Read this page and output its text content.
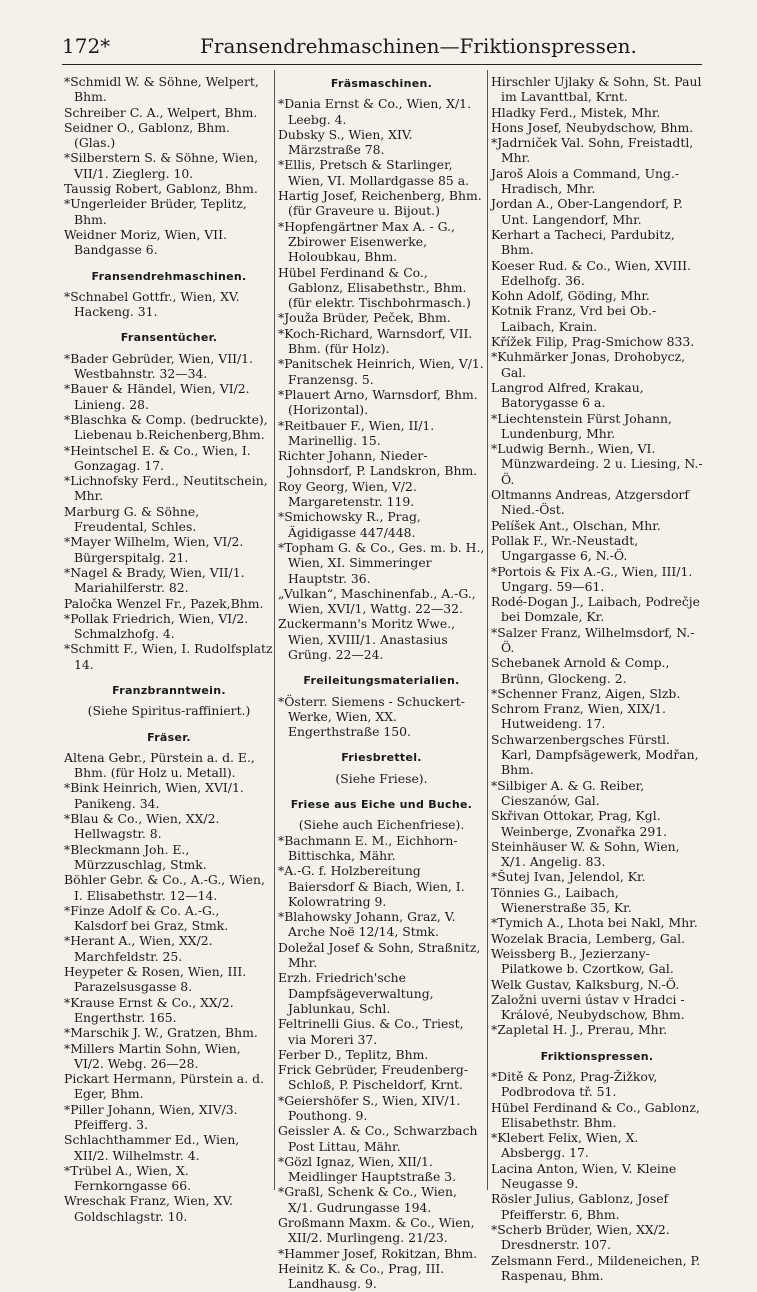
172*	Fransendrehmaschinen—Friktionspressen.
*Schmidl W. & Söhne, Welpert, Bhm.
Schreiber C. A., Welpert, Bhm.
Seidner O., Gablonz, Bhm. (Glas.)
*Silberstern S. & Söhne, Wien, VII/1. Zieglerg. 10.
Taussig Robert, Gablonz, Bhm.
*Ungerleider Brüder, Teplitz, Bhm.
Weidner Moriz, Wien, VII. Bandgasse 6.
Fransendrehmaschinen.
*Schnabel Gottfr., Wien, XV. Hackeng. 31.
Fransentücher.
*Bader Gebrüder, Wien, VII/1. Westbahnstr. 32—34.
*Bauer & Händel, Wien, VI/2. Linieng. 28.
*Blaschka & Comp. (bedruckte), Liebenau b.Reichenberg,Bhm.
*Heintschel E. & Co., Wien, I. Gonzagag. 17.
*Lichnofsky Ferd., Neutitschein, Mhr.
Marburg G. & Söhne, Freudental, Schles.
*Mayer Wilhelm, Wien, VI/2. Bürgerspitalg. 21.
*Nagel & Brady, Wien, VII/1. Mariahilferstr. 82.
Paločka Wenzel Fr., Pazek,Bhm.
*Pollak Friedrich, Wien, VI/2. Schmalzhofg. 4.
*Schmitt F., Wien, I. Rudolfsplatz 14.
Franzbranntwein.
(Siehe Spiritus-raffiniert.)
Fräser.
Altena Gebr., Pürstein a. d. E., Bhm. (für Holz u. Metall).
*Bink Heinrich, Wien, XVI/1. Panikeng. 34.
*Blau & Co., Wien, XX/2. Hellwagstr. 8.
*Bleckmann Joh. E., Mürzzuschlag, Stmk.
Böhler Gebr. & Co., A.-G., Wien, I. Elisabethstr. 12—14.
*Finze Adolf & Co. A.-G., Kalsdorf bei Graz, Stmk.
*Herant A., Wien, XX/2. Marchfeldstr. 25.
Heypeter & Rosen, Wien, III. Parazelsusgasse 8.
*Krause Ernst & Co., XX/2. Engerthstr. 165.
*Marschik J. W., Gratzen, Bhm.
*Millers Martin Sohn, Wien, VI/2. Webg. 26—28.
Pickart Hermann, Pürstein a. d. Eger, Bhm.
*Piller Johann, Wien, XIV/3. Pfeifferg. 3.
Schlachthammer Ed., Wien, XII/2. Wilhelmstr. 4.
*Trübel A., Wien, X. Fernkorngasse 66.
Wreschak Franz, Wien, XV. Goldschlagstr. 10.
Fräsmaschinen.
*Dania Ernst & Co., Wien, X/1. Leebg. 4.
Dubsky S., Wien, XIV. Märzstraße 78.
*Ellis, Pretsch & Starlinger, Wien, VI. Mollardgasse 85 a.
Hartig Josef, Reichenberg, Bhm. (für Graveure u. Bijout.)
*Hopfengärtner Max A. - G., Zbirower Eisenwerke, Holoubkau, Bhm.
Hübel Ferdinand & Co., Gablonz, Elisabethstr., Bhm. (für elektr. Tischbohrmasch.)
*Jouža Brüder, Peček, Bhm.
*Koch-Richard, Warnsdorf, VII. Bhm. (für Holz).
*Panitschek Heinrich, Wien, V/1. Franzensg. 5.
*Plauert Arno, Warnsdorf, Bhm. (Horizontal).
*Reitbauer F., Wien, II/1. Marinellig. 15.
Richter Johann, Nieder-Johnsdorf, P. Landskron, Bhm.
Roy Georg, Wien, V/2. Margaretenstr. 119.
*Smichowsky R., Prag, Ägidigasse 447/448.
*Topham G. & Co., Ges. m. b. H., Wien, XI. Simmeringer Hauptstr. 36.
„Vulkan“, Maschinenfab., A.-G., Wien, XVI/1, Wattg. 22—32.
Zuckermann's Moritz Wwe., Wien, XVIII/1. Anastasius Grüng. 22—24.
Freileitungsmaterialien.
*Österr. Siemens - Schuckert-Werke, Wien, XX. Engerthstraße 150.
Friesbrettel.
(Siehe Friese).
Friese aus Eiche und Buche.
(Siehe auch Eichenfriese).
*Bachmann E. M., Eichhorn-Bittischka, Mähr.
*A.-G. f. Holzbereitung Baiersdorf & Biach, Wien, I. Kolowratring 9.
*Blahowsky Johann, Graz, V. Arche Noë 12/14, Stmk.
Doležal Josef & Sohn, Straßnitz, Mhr.
Erzh. Friedrich'sche Dampfsägeverwaltung, Jablunkau, Schl.
Feltrinelli Gius. & Co., Triest, via Moreri 37.
Ferber D., Teplitz, Bhm.
Frick Gebrüder, Freudenberg-Schloß, P. Pischeldorf, Krnt.
*Geiershöfer S., Wien, XIV/1. Pouthong. 9.
Geissler A. & Co., Schwarzbach Post Littau, Mähr.
*Gözl Ignaz, Wien, XII/1. Meidlinger Hauptstraße 3.
*Graßl, Schenk & Co., Wien, X/1. Gudrungasse 194.
Großmann Maxm. & Co., Wien, XII/2. Murlingeng. 21/23.
*Hammer Josef, Rokitzan, Bhm.
Heinitz K. & Co., Prag, III. Landhausg. 9.
Hirschler Ujlaky & Sohn, St. Paul im Lavanttbal, Krnt.
Hladky Ferd., Mistek, Mhr.
Hons Josef, Neubydschow, Bhm.
*Jadrniček Val. Sohn, Freistadtl, Mhr.
Jaroš Alois a Command, Ung.-Hradisch, Mhr.
Jordan A., Ober-Langendorf, P. Unt. Langendorf, Mhr.
Kerhart a Tacheci, Pardubitz, Bhm.
Koeser Rud. & Co., Wien, XVIII. Edelhofg. 36.
Kohn Adolf, Göding, Mhr.
Kotnik Franz, Vrd bei Ob.-Laibach, Krain.
Křížek Filip, Prag-Smichow 833.
*Kuhmärker Jonas, Drohobycz, Gal.
Langrod Alfred, Krakau, Batorygasse 6 a.
*Liechtenstein Fürst Johann, Lundenburg, Mhr.
*Ludwig Bernh., Wien, VI. Münzwardeing. 2 u. Liesing, N.-Ö.
Oltmanns Andreas, Atzgersdorf Nied.-Öst.
Pelíšek Ant., Olschan, Mhr.
Pollak F., Wr.-Neustadt, Ungargasse 6, N.-Ö.
*Portois & Fix A.-G., Wien, III/1. Ungarg. 59—61.
Rodé-Dogan J., Laibach, Podrečje bei Domzale, Kr.
*Salzer Franz, Wilhelmsdorf, N.-Ö.
Schebanek Arnold & Comp., Brünn, Glockeng. 2.
*Schenner Franz, Aigen, Slzb.
Schrom Franz, Wien, XIX/1. Hutweideng. 17.
Schwarzenbergsches Fürstl. Karl, Dampfsägewerk, Modřan, Bhm.
*Silbiger A. & G. Reiber, Cieszanów, Gal.
Skřivan Ottokar, Prag, Kgl. Weinberge, Zvonařka 291.
Steinhäuser W. & Sohn, Wien, X/1. Angelig. 83.
*Šutej Ivan, Jelendol, Kr.
Tönnies G., Laibach, Wienerstraße 35, Kr.
*Tymich A., Lhota bei Nakl, Mhr.
Wozelak Bracia, Lemberg, Gal.
Weissberg B., Jezierzany-Pilatkowe b. Czortkow, Gal.
Welk Gustav, Kalksburg, N.-Ö.
Založni uverni ústav v Hradci -Králové, Neubydschow, Bhm.
*Zapletal H. J., Prerau, Mhr.
Friktionspressen.
*Ditě & Ponz, Prag-Žižkov, Podbrodova tř. 51.
Hübel Ferdinand & Co., Gablonz, Elisabethstr. Bhm.
*Klebert Felix, Wien, X. Absbergg. 17.
Lacina Anton, Wien, V. Kleine Neugasse 9.
Rösler Julius, Gablonz, Josef Pfeifferstr. 6, Bhm.
*Scherb Brüder, Wien, XX/2. Dresdnerstr. 107.
Zelsmann Ferd., Mildeneichen, P. Raspenau, Bhm.
